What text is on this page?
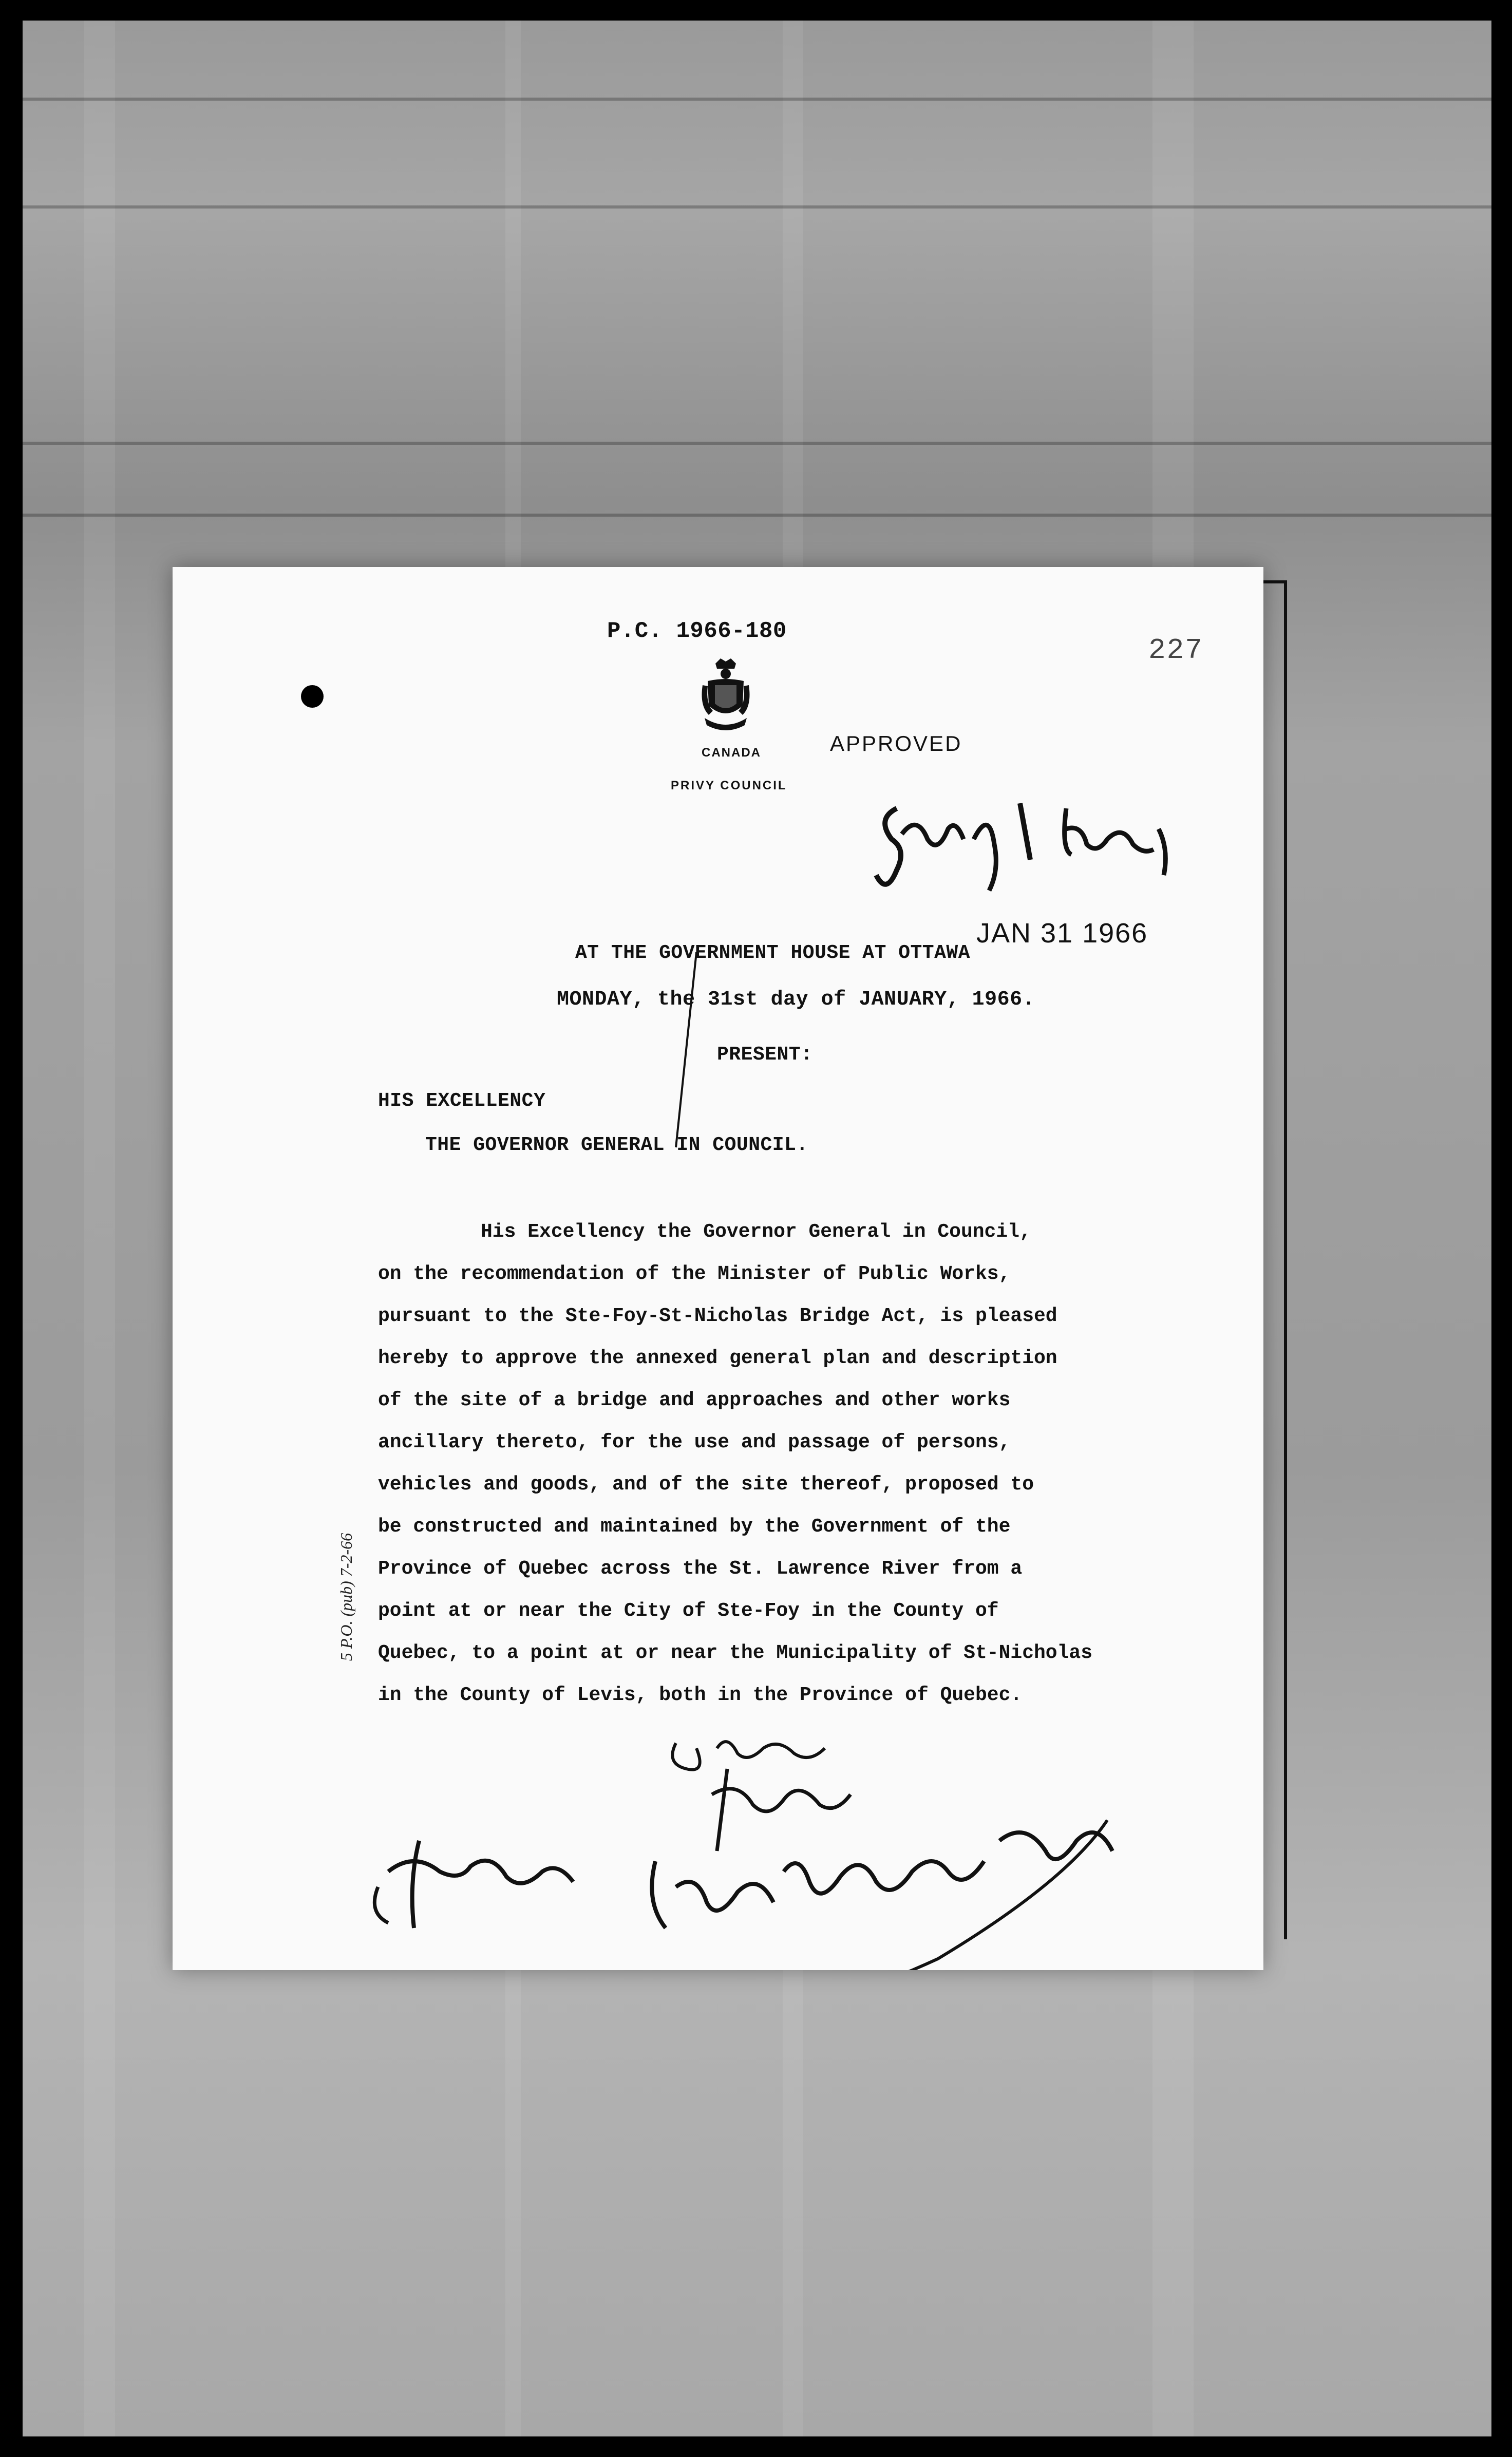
P.C. 1966-180
227
CANADA
PRIVY COUNCIL
APPROVED
JAN 31 1966
AT THE GOVERNMENT HOUSE AT OTTAWA
MONDAY, the 31st day of JANUARY, 1966.
PRESENT:
HIS EXCELLENCY
THE GOVERNOR GENERAL IN COUNCIL.
His Excellency the Governor General in Council,
on the recommendation of the Minister of Public Works,
pursuant to the Ste-Foy-St-Nicholas Bridge Act, is pleased
hereby to approve the annexed general plan and description
of the site of a bridge and approaches and other works
ancillary thereto, for the use and passage of persons,
vehicles and goods, and of the site thereof, proposed to
be constructed and maintained by the Government of the
Province of Quebec across the St. Lawrence River from a
point at or near the City of Ste-Foy in the County of
Quebec, to a point at or near the Municipality of St-Nicholas
in the County of Levis, both in the Province of Quebec.
5 P.O. (pub) 7-2-66
